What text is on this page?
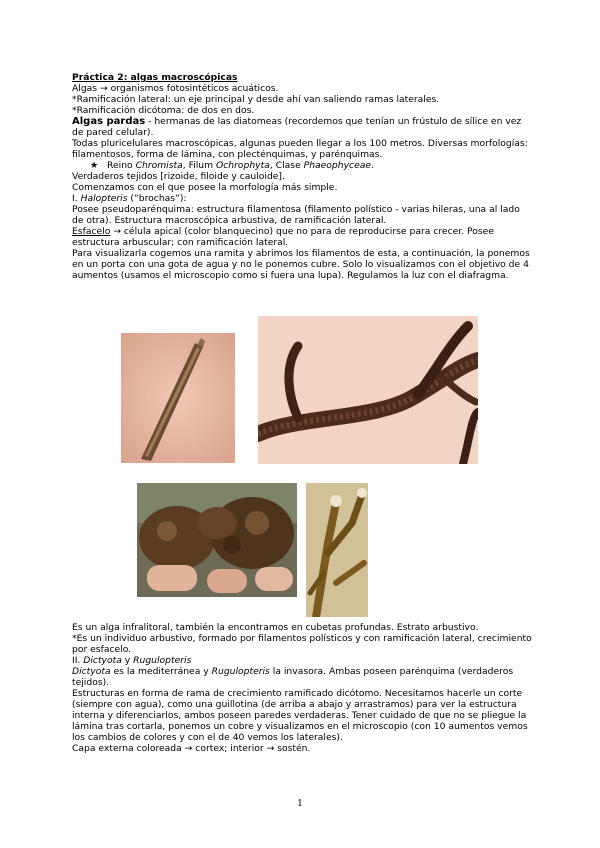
Práctica 2: algas macroscópicas

Algas → organismos fotosintéticos acuáticos.

*Ramificación lateral: un eje principal y desde ahí van saliendo ramas laterales.

*Ramificación dicótoma: de dos en dos.

Algas pardas - hermanas de las diatomeas (recordemos que tenían un frústulo de sílice en vez de pared celular).

Todas pluricelulares macroscópicas, algunas pueden llegar a los 100 metros. Diversas morfologías: filamentosos, forma de lámina, con plecténquimas, y parénquimas.

★ Reino Chromista, Filum Ochrophyta, Clase Phaeophyceae.

Verdaderos tejidos [rizoide, filoide y cauloide].

Comenzamos con el que posee la morfología más simple.

I. Halopteris (“brochas”):

Posee pseudoparénquima: estructura filamentosa (filamento polístico - varias hileras, una al lado de otra). Estructura macroscópica arbustiva, de ramificación lateral.

Esfacelo → célula apical (color blanquecino) que no para de reproducirse para crecer. Posee estructura arbuscular; con ramificación lateral.

Para visualizarla cogemos una ramita y abrimos los filamentos de esta, a continuación, la ponemos en un porta con una gota de agua y no le ponemos cubre. Solo lo visualizamos con el objetivo de 4 aumentos (usamos el microscopio como si fuera una lupa). Regulamos la luz con el diafragma.

Es un alga infralitoral, también la encontramos en cubetas profundas. Estrato arbustivo.

*Es un individuo arbustivo, formado por filamentos polísticos y con ramificación lateral, crecimiento por esfacelo.

II. Dictyota y Rugulopteris

Dictyota es la mediterránea y Rugulopteris la invasora. Ambas poseen parénquima (verdaderos tejidos).

Estructuras en forma de rama de crecimiento ramificado dicótomo. Necesitamos hacerle un corte (siempre con agua), como una guillotina (de arriba a abajo y arrastramos) para ver la estructura interna y diferenciarlos, ambos poseen paredes verdaderas. Tener cuidado de que no se pliegue la lámina tras cortarla, ponemos un cobre y visualizamos en el microscopio (con 10 aumentos vemos los cambios de colores y con el de 40 vemos los laterales).

Capa externa coloreada → cortex; interior → sostén.

1
